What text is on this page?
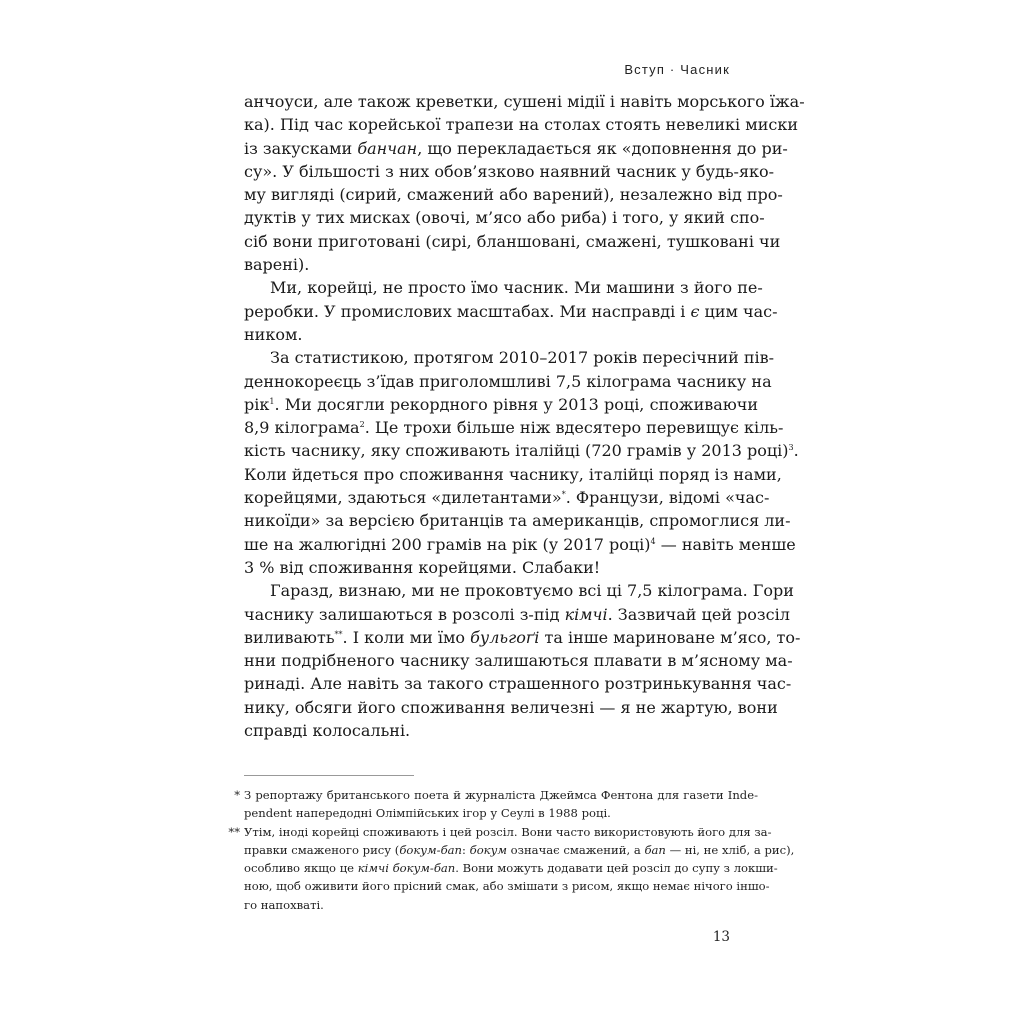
Вступ · Часник
анчоуси, але також креветки, сушені мідії і навіть морського їжа-
ка). Під час корейської трапези на столах стоять невеликі миски
із закусками банчан, що перекладається як «доповнення до ри-
су». У більшості з них обов’язково наявний часник у будь-яко-
му вигляді (сирий, смажений або варений), незалежно від про-
дуктів у тих мисках (овочі, м’ясо або риба) і того, у який спо-
сіб вони приготовані (сирі, бланшовані, смажені, тушковані чи
варені).
Ми, корейці, не просто їмо часник. Ми машини з його пе-
реробки. У промислових масштабах. Ми насправді і є цим час-
ником.
За статистикою, протягом 2010–2017 років пересічний пів-
деннокореєць з’їдав приголомшливі 7,5 кілограма часнику на
рік$^1$. Ми досягли рекордного рівня у 2013 році, споживаючи
8,9 кілограма$^2$. Це трохи більше ніж вдесятеро перевищує кіль-
кість часнику, яку споживають італійці (720 грамів у 2013 році)$^3$.
Коли йдеться про споживання часнику, італійці поряд із нами,
корейцями, здаються «дилетантами»*. Французи, відомі «час-
никоїди» за версією британців та американців, спромоглися ли-
ше на жалюгідні 200 грамів на рік (у 2017 році)$^4$ — навіть менше
3 % від споживання корейцями. Слабаки!
Гаразд, визнаю, ми не проковтуємо всі ці 7,5 кілограма. Гори
часнику залишаються в розсолі з-під кімчі. Зазвичай цей розсіл
виливають**. І коли ми їмо бульгоґі та інше мариноване м’ясо, то-
нни подрібненого часнику залишаються плавати в м’ясному ма-
ринаді. Але навіть за такого страшенного розтринькування час-
нику, обсяги його споживання величезні — я не жартую, вони
справді колосальні.
* З репортажу британського поета й журналіста Джеймса Фентона для газети Inde-
pendent напередодні Олімпійських ігор у Сеулі в 1988 році.
** Утім, іноді корейці споживають і цей розсіл. Вони часто використовують його для за-
правки смаженого рису (бокум-бап: бокум означає смажений, а бап — ні, не хліб, а рис),
особливо якщо це кімчі бокум-бап. Вони можуть додавати цей розсіл до супу з локши-
ною, щоб оживити його прісний смак, або змішати з рисом, якщо немає нічого іншо-
го напохваті.
13
